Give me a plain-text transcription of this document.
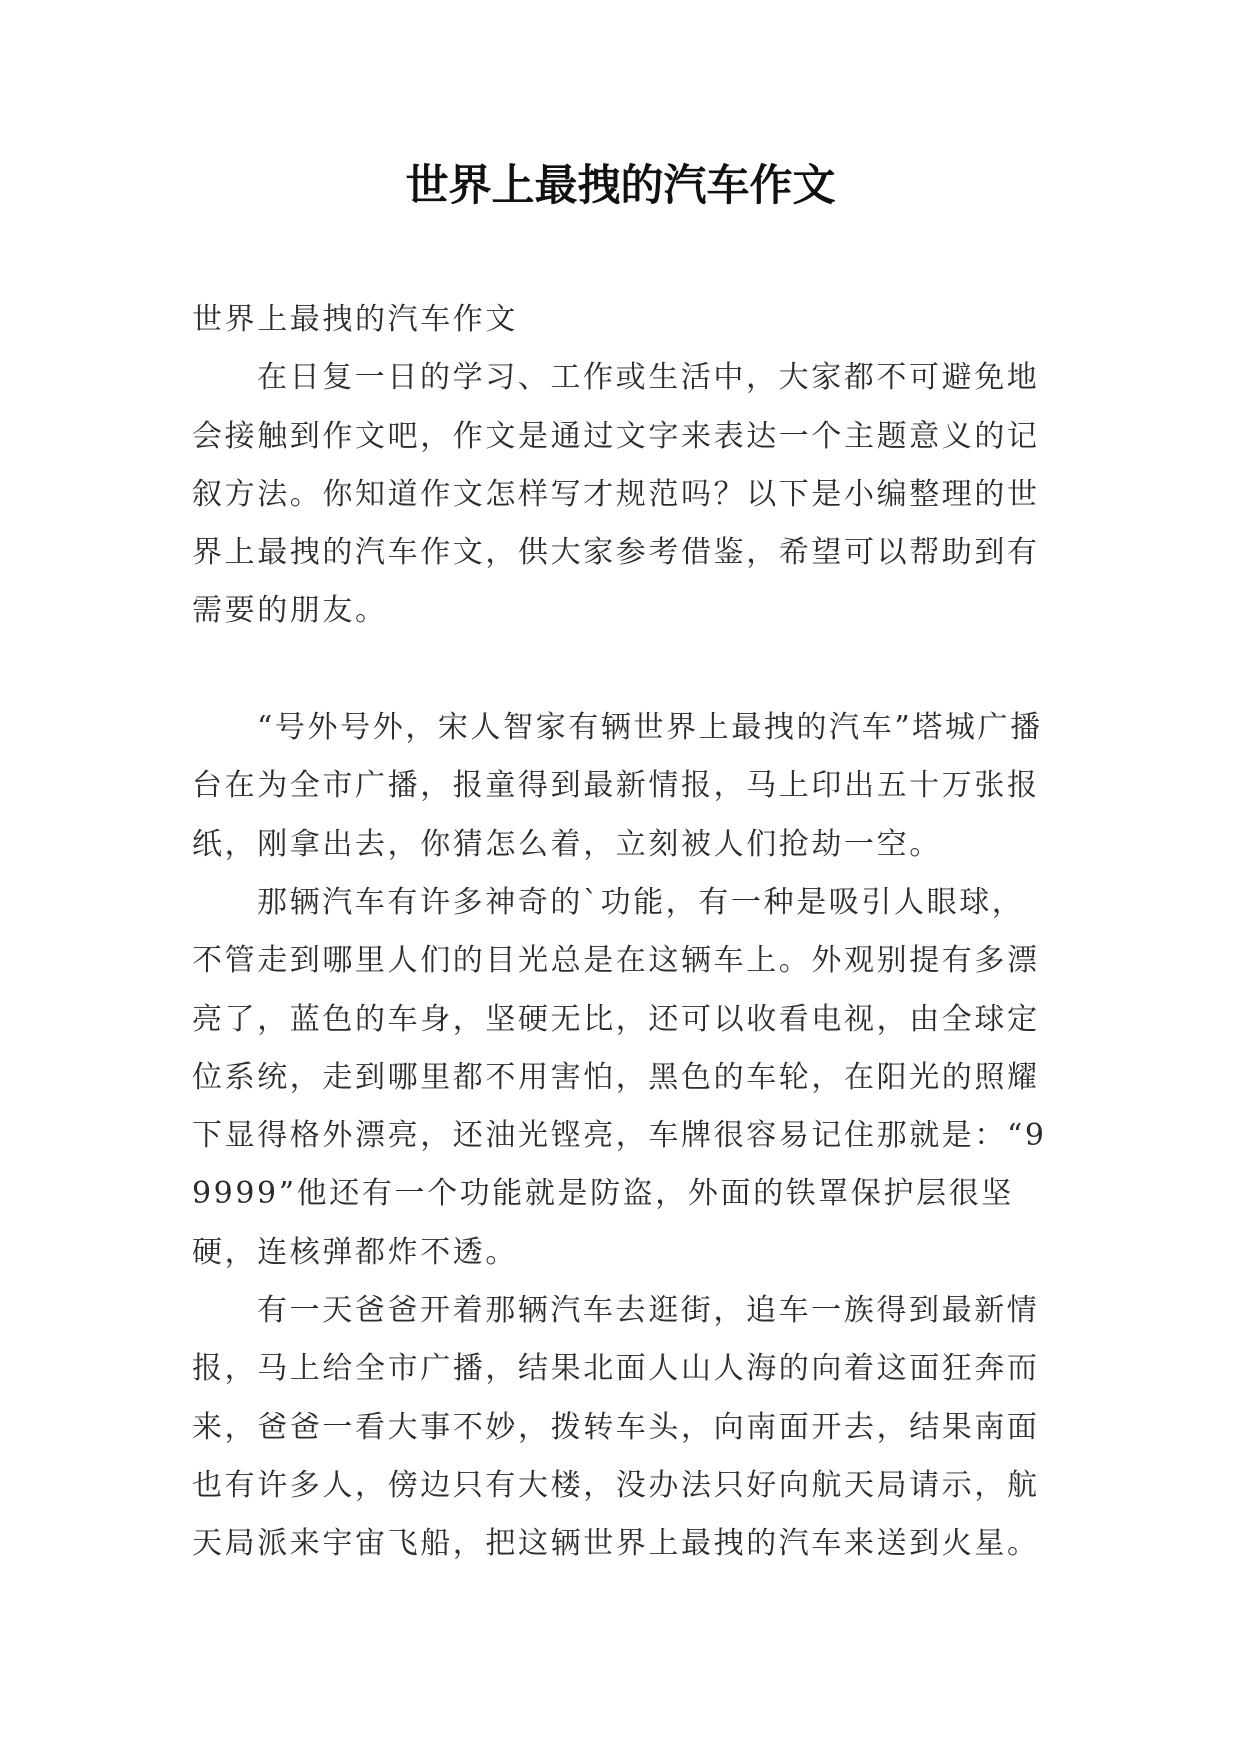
世界上最拽的汽车作文

世界上最拽的汽车作文

在日复一日的学习、工作或生活中，大家都不可避免地会接触到作文吧，作文是通过文字来表达一个主题意义的记叙方法。你知道作文怎样写才规范吗？以下是小编整理的世界上最拽的汽车作文，供大家参考借鉴，希望可以帮助到有需要的朋友。

“号外号外，宋人智家有辆世界上最拽的汽车”塔城广播台在为全市广播，报童得到最新情报，马上印出五十万张报纸，刚拿出去，你猜怎么着，立刻被人们抢劫一空。

那辆汽车有许多神奇的`功能，有一种是吸引人眼球，不管走到哪里人们的目光总是在这辆车上。外观别提有多漂亮了，蓝色的车身，坚硬无比，还可以收看电视，由全球定位系统，走到哪里都不用害怕，黑色的车轮，在阳光的照耀下显得格外漂亮，还油光铿亮，车牌很容易记住那就是：“99999”他还有一个功能就是防盗，外面的铁罩保护层很坚硬，连核弹都炸不透。

有一天爸爸开着那辆汽车去逛街，追车一族得到最新情报，马上给全市广播，结果北面人山人海的向着这面狂奔而来，爸爸一看大事不妙，拨转车头，向南面开去，结果南面也有许多人，傍边只有大楼，没办法只好向航天局请示，航天局派来宇宙飞船，把这辆世界上最拽的汽车来送到火星。
